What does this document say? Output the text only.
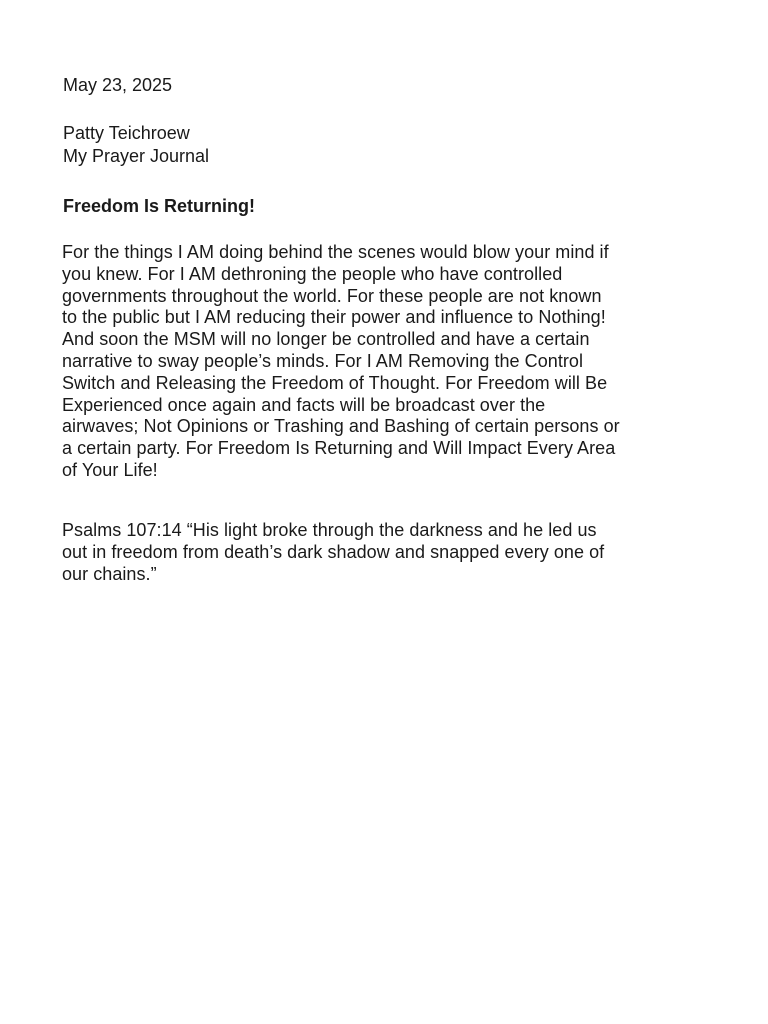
May 23, 2025
Patty Teichroew
My Prayer Journal
Freedom Is Returning!
For the things I AM doing behind the scenes would blow your mind if
you knew. For I AM dethroning the people who have controlled
governments throughout the world. For these people are not known
to the public but I AM reducing their power and influence to Nothing!
And soon the MSM will no longer be controlled and have a certain
narrative to sway people’s minds. For I AM Removing the Control
Switch and Releasing the Freedom of Thought. For Freedom will Be
Experienced once again and facts will be broadcast over the
airwaves; Not Opinions or Trashing and Bashing of certain persons or
a certain party. For Freedom Is Returning and Will Impact Every Area
of Your Life!
Psalms 107:14 “His light broke through the darkness and he led us
out in freedom from death’s dark shadow and snapped every one of
our chains.”
